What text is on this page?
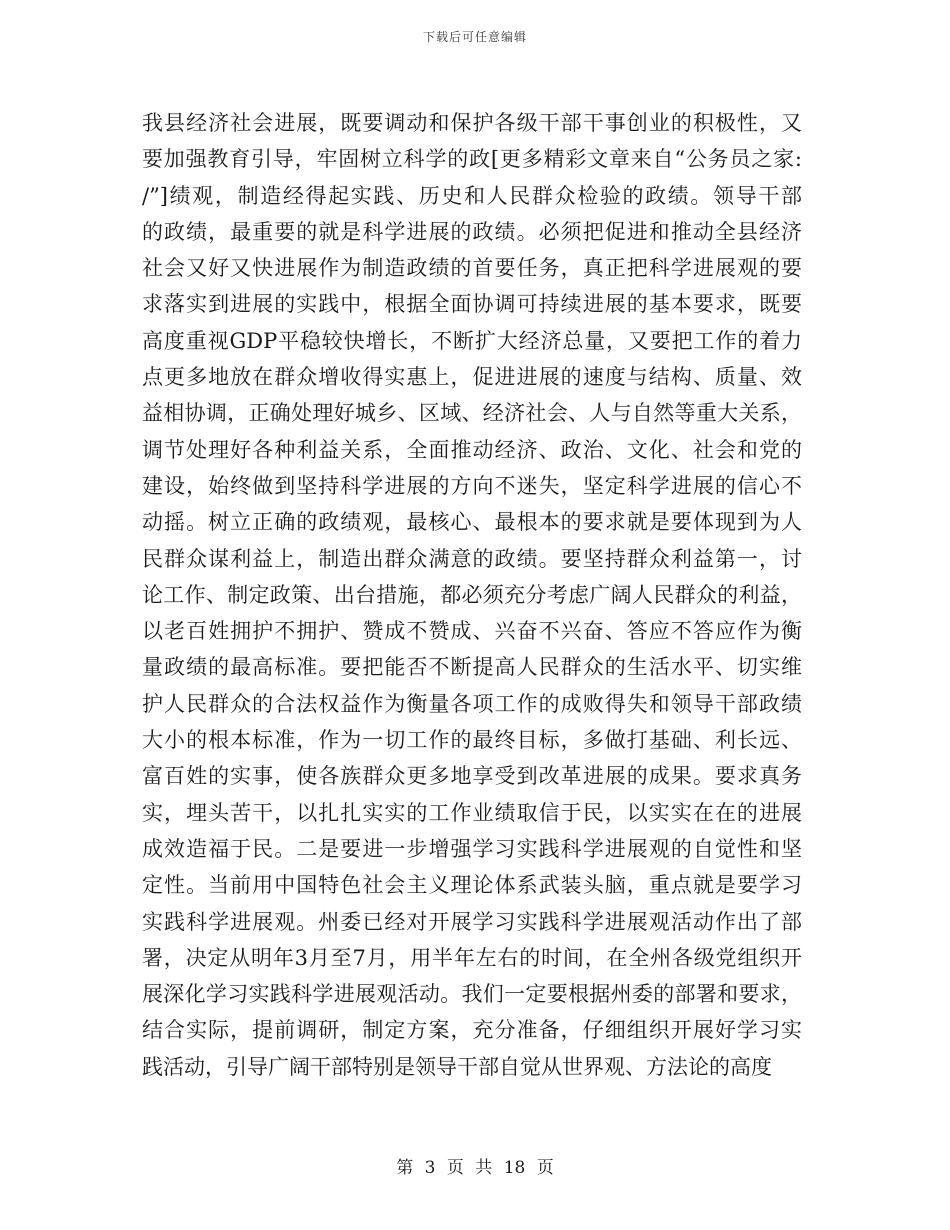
下载后可任意编辑
我县经济社会进展，既要调动和保护各级干部干事创业的积极性，又
要加强教育引导，牢固树立科学的政[更多精彩文章来自“公务员之家:
/”]绩观，制造经得起实践、历史和人民群众检验的政绩。领导干部
的政绩，最重要的就是科学进展的政绩。必须把促进和推动全县经济
社会又好又快进展作为制造政绩的首要任务，真正把科学进展观的要
求落实到进展的实践中，根据全面协调可持续进展的基本要求，既要
高度重视GDP平稳较快增长，不断扩大经济总量，又要把工作的着力
点更多地放在群众增收得实惠上，促进进展的速度与结构、质量、效
益相协调，正确处理好城乡、区域、经济社会、人与自然等重大关系，
调节处理好各种利益关系，全面推动经济、政治、文化、社会和党的
建设，始终做到坚持科学进展的方向不迷失，坚定科学进展的信心不
动摇。树立正确的政绩观，最核心、最根本的要求就是要体现到为人
民群众谋利益上，制造出群众满意的政绩。要坚持群众利益第一，讨
论工作、制定政策、出台措施，都必须充分考虑广阔人民群众的利益，
以老百姓拥护不拥护、赞成不赞成、兴奋不兴奋、答应不答应作为衡
量政绩的最高标准。要把能否不断提高人民群众的生活水平、切实维
护人民群众的合法权益作为衡量各项工作的成败得失和领导干部政绩
大小的根本标准，作为一切工作的最终目标，多做打基础、利长远、
富百姓的实事，使各族群众更多地享受到改革进展的成果。要求真务
实，埋头苦干，以扎扎实实的工作业绩取信于民，以实实在在的进展
成效造福于民。二是要进一步增强学习实践科学进展观的自觉性和坚
定性。当前用中国特色社会主义理论体系武装头脑，重点就是要学习
实践科学进展观。州委已经对开展学习实践科学进展观活动作出了部
署，决定从明年3月至7月，用半年左右的时间，在全州各级党组织开
展深化学习实践科学进展观活动。我们一定要根据州委的部署和要求，
结合实际，提前调研，制定方案，充分准备，仔细组织开展好学习实
践活动，引导广阔干部特别是领导干部自觉从世界观、方法论的高度
第 3 页 共 18 页
